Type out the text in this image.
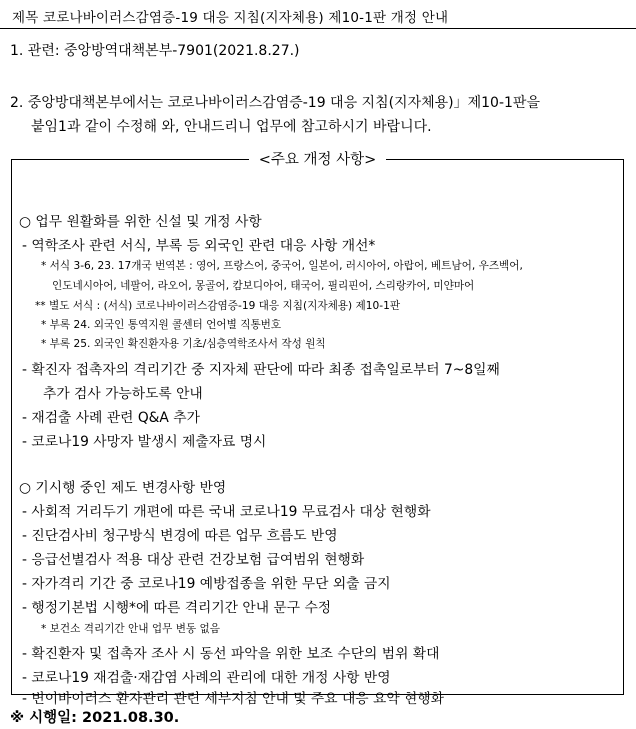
제목 코로나바이러스감염증-19 대응 지침(지자체용) 제10-1판 개정 안내
1. 관련: 중앙방역대책본부-7901(2021.8.27.)
2. 중앙방대책본부에서는 코로나바이러스감염증-19 대응 지침(지자체용)」제10-1판을
붙임1과 같이 수정해 와, 안내드리니 업무에 참고하시기 바랍니다.
<주요 개정 사항>
○ 업무 원활화를 위한 신설 및 개정 사항
- 역학조사 관련 서식, 부록 등 외국인 관련 대응 사항 개선*
* 서식 3-6, 23. 17개국 번역본 : 영어, 프랑스어, 중국어, 일본어, 러시아어, 아랍어, 베트남어, 우즈벡어,
인도네시아어, 네팔어, 라오어, 몽골어, 캄보디아어, 태국어, 필리핀어, 스리랑카어, 미얀마어
** 별도 서식 : (서식) 코로나바이러스감염증-19 대응 지침(지자체용) 제10-1판
* 부록 24. 외국인 통역지원 콜센터 언어별 직통번호
* 부록 25. 외국인 확진환자용 기초/심층역학조사서 작성 원칙
- 확진자 접촉자의 격리기간 중 지자체 판단에 따라 최종 접촉일로부터 7~8일째
추가 검사 가능하도록 안내
- 재검출 사례 관련 Q&A 추가
- 코로나19 사망자 발생시 제출자료 명시
○ 기시행 중인 제도 변경사항 반영
- 사회적 거리두기 개편에 따른 국내 코로나19 무료검사 대상 현행화
- 진단검사비 청구방식 변경에 따른 업무 흐름도 반영
- 응급선별검사 적용 대상 관련 건강보험 급여범위 현행화
- 자가격리 기간 중 코로나19 예방접종을 위한 무단 외출 금지
- 행정기본법 시행*에 따른 격리기간 안내 문구 수정
* 보건소 격리기간 안내 업무 변동 없음
- 확진환자 및 접촉자 조사 시 동선 파악을 위한 보조 수단의 범위 확대
- 코로나19 재검출·재감염 사례의 관리에 대한 개정 사항 반영
- 변이바이러스 환자관리 관련 세부지침 안내 및 주요 대응 요약 현행화
※ 시행일: 2021.08.30.
